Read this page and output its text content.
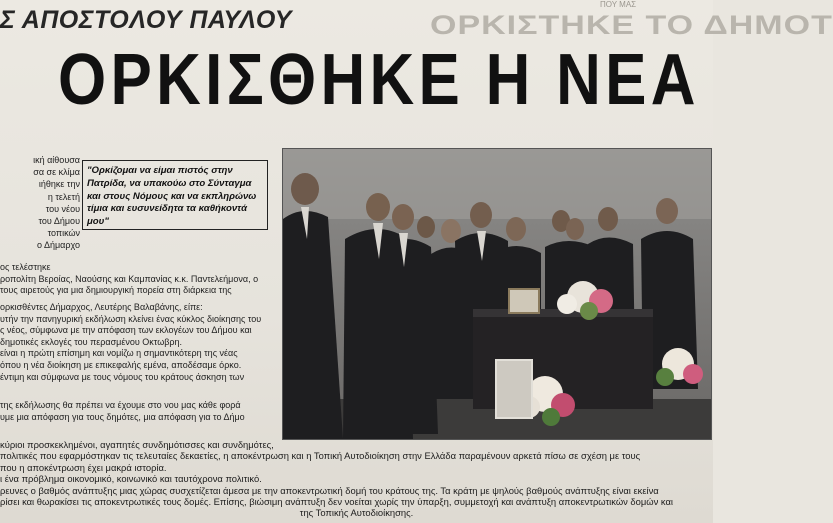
ΠΟΥ ΜΑΣ
ΟΡΚΙΣΤΗΚΕ ΤΟ ΔΗΜΟΤ
Σ ΑΠΟΣΤΟΛΟΥ ΠΑΥΛΟΥ
ΟΡΚΙΣΘΗΚΕ Η ΝΕΑ
ική αίθουσα
σα σε κλίμα
ιήθηκε την
η τελετή
του νέου
του Δήμου
τοπικών
ο Δήμαρχο
"Ορκίζομαι να είμαι πιστός στην Πατρίδα, να υπακούω στο Σύνταγμα και στους Νόμους και να εκπληρώνω τίμια και ευσυνείδητα τα καθήκοντά μου"
ος τελέστηκε
ροπολίτη Βεροίας, Ναούσης και Καμπανίας κ.κ. Παντελεήμονα, ο
τους αιρετούς για μια δημιουργική πορεία στη διάρκεια της
ορκισθέντες Δήμαρχος, Λευτέρης Βαλαβάνης, είπε:
υτήν την πανηγυρική εκδήλωση κλείνει ένας κύκλος διοίκησης του
ς νέος, σύμφωνα με την απόφαση των εκλογέων του Δήμου και
δημοτικές εκλογές του περασμένου Οκτωβρη.
είναι η πρώτη επίσημη και νομίζω η σημαντικότερη της νέας
όπου η νέα διοίκηση με επικεφαλής εμένα, αποδέσαμε όρκο.
έντιμη και σύμφωνα με τους νόμους του κράτους άσκηση των
της εκδήλωσης θα πρέπει να έχουμε στο νου μας κάθε φορά
υμε μια απόφαση για τους δημότες, μια απόφαση για το Δήμο
κύριοι προσκεκλημένοι, αγαπητές συνδημότισσες και συνδημότες,
πολιτικές που εφαρμόστηκαν τις τελευταίες δεκαετίες, η αποκέντρωση και η Τοπική Αυτοδιοίκηση στην Ελλάδα παραμένουν αρκετά πίσω σε σχέση με τους
που η αποκέντρωση έχει μακρά ιστορία.
ι ένα πρόβλημα οικονομικό, κοινωνικό και ταυτόχρονα πολιτικό.
ρευνες ο βαθμός ανάπτυξης μιας χώρας συσχετίζεται άμεσα με την αποκεντρωτική δομή του κράτους της. Τα κράτη με ψηλούς βαθμούς ανάπτυξης είναι εκείνα
ρίσει και θωρακίσει τις αποκεντρωτικές τους δομές. Επίσης, βιώσιμη ανάπτυξη δεν νοείται χωρίς την ύπαρξη, συμμετοχή και ανάπτυξη αποκεντρωτικών δομών και
της Τοπικής Αυτοδιοίκησης.
